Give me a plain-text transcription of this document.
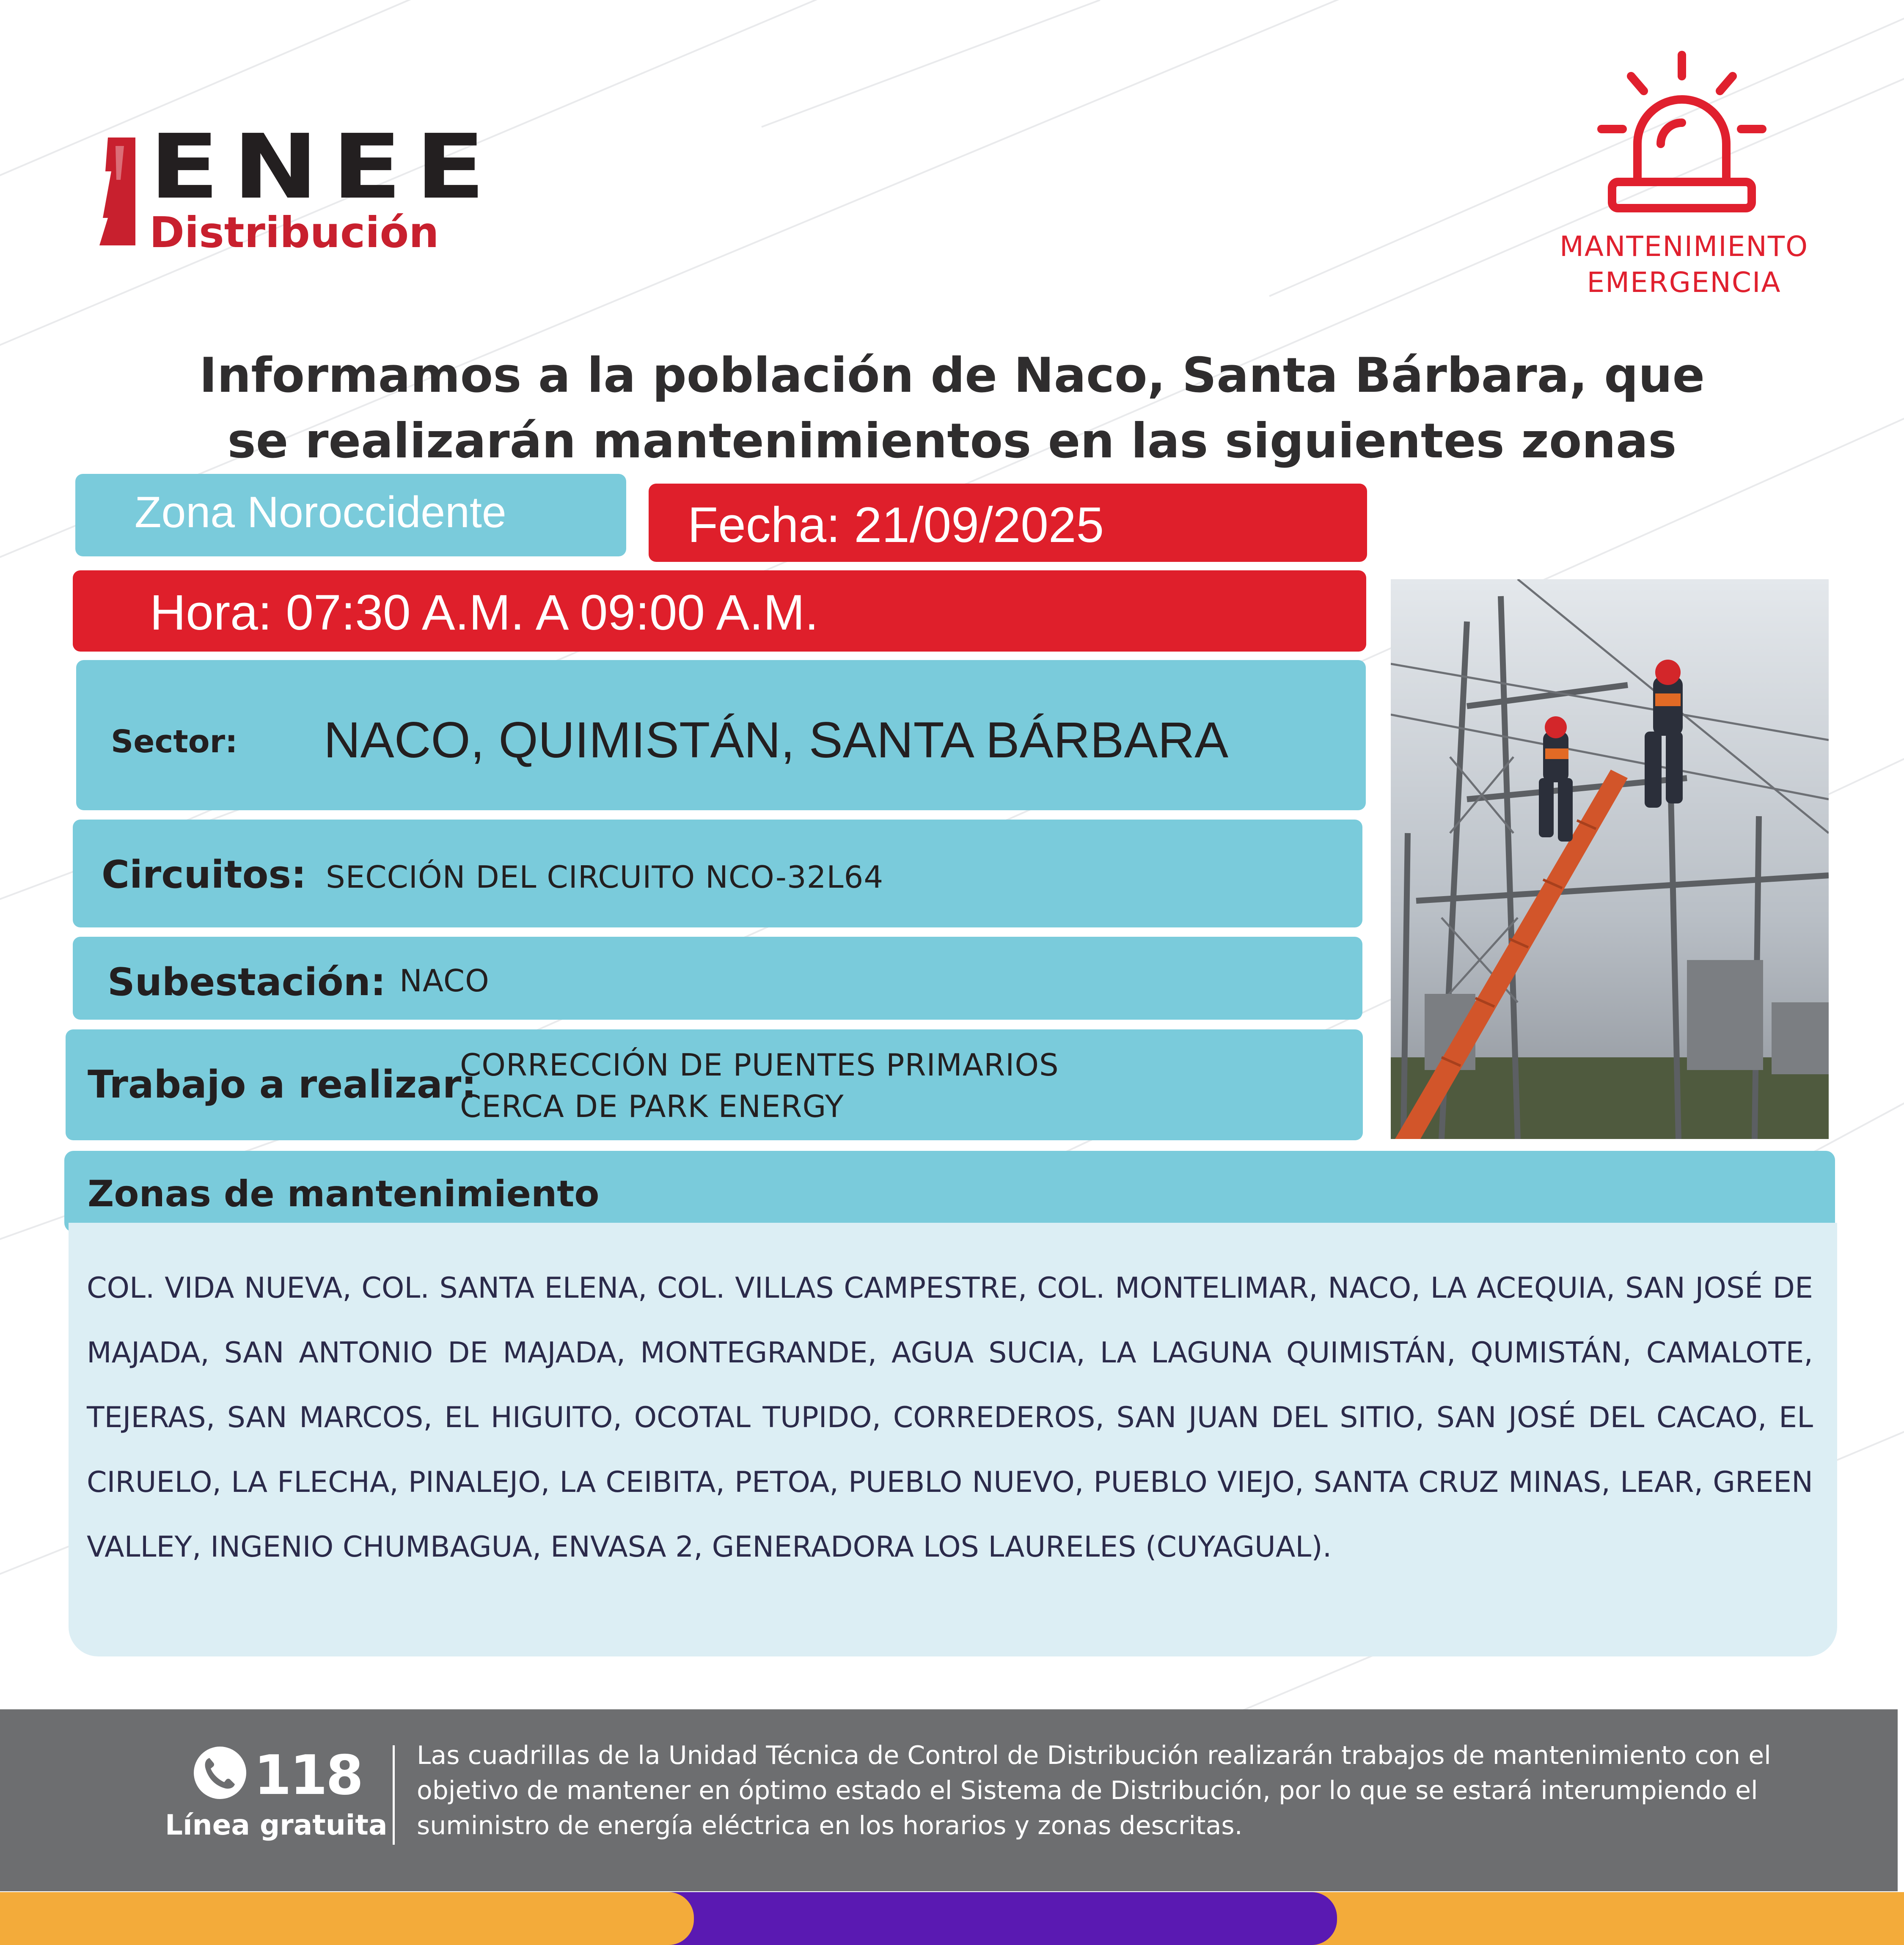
ENEE
Distribución	MANTENIMIENTO
EMERGENCIA
Informamos a la población de Naco, Santa Bárbara, que
se realizarán mantenimientos en las siguientes zonas
Zona Noroccidente	Fecha: 21/09/2025
Hora: 07:30 A.M. A 09:00 A.M.
Sector: NACO, QUIMISTÁN, SANTA BÁRBARA
Circuitos: SECCIÓN DEL CIRCUITO NCO-32L64
Subestación: NACO
Trabajo a realizar:
CORRECCIÓN DE PUENTES PRIMARIOS
CERCA DE PARK ENERGY
Zonas de mantenimiento
COL. VIDA NUEVA, COL. SANTA ELENA, COL. VILLAS CAMPESTRE, COL. MONTELIMAR, NACO, LA ACEQUIA, SAN JOSÉ DE MAJADA, SAN ANTONIO DE MAJADA, MONTEGRANDE, AGUA SUCIA, LA LAGUNA QUIMISTÁN, QUMISTÁN, CAMALOTE, TEJERAS, SAN MARCOS, EL HIGUITO, OCOTAL TUPIDO, CORREDEROS, SAN JUAN DEL SITIO, SAN JOSÉ DEL CACAO, EL CIRUELO, LA FLECHA, PINALEJO, LA CEIBITA, PETOA, PUEBLO NUEVO, PUEBLO VIEJO, SANTA CRUZ MINAS, LEAR, GREEN VALLEY, INGENIO CHUMBAGUA, ENVASA 2, GENERADORA LOS LAURELES (CUYAGUAL).
118
Línea gratuita
Las cuadrillas de la Unidad Técnica de Control de Distribución realizarán trabajos de mantenimiento con el objetivo de mantener en óptimo estado el Sistema de Distribución, por lo que se estará interumpiendo el suministro de energía eléctrica en los horarios y zonas descritas.
